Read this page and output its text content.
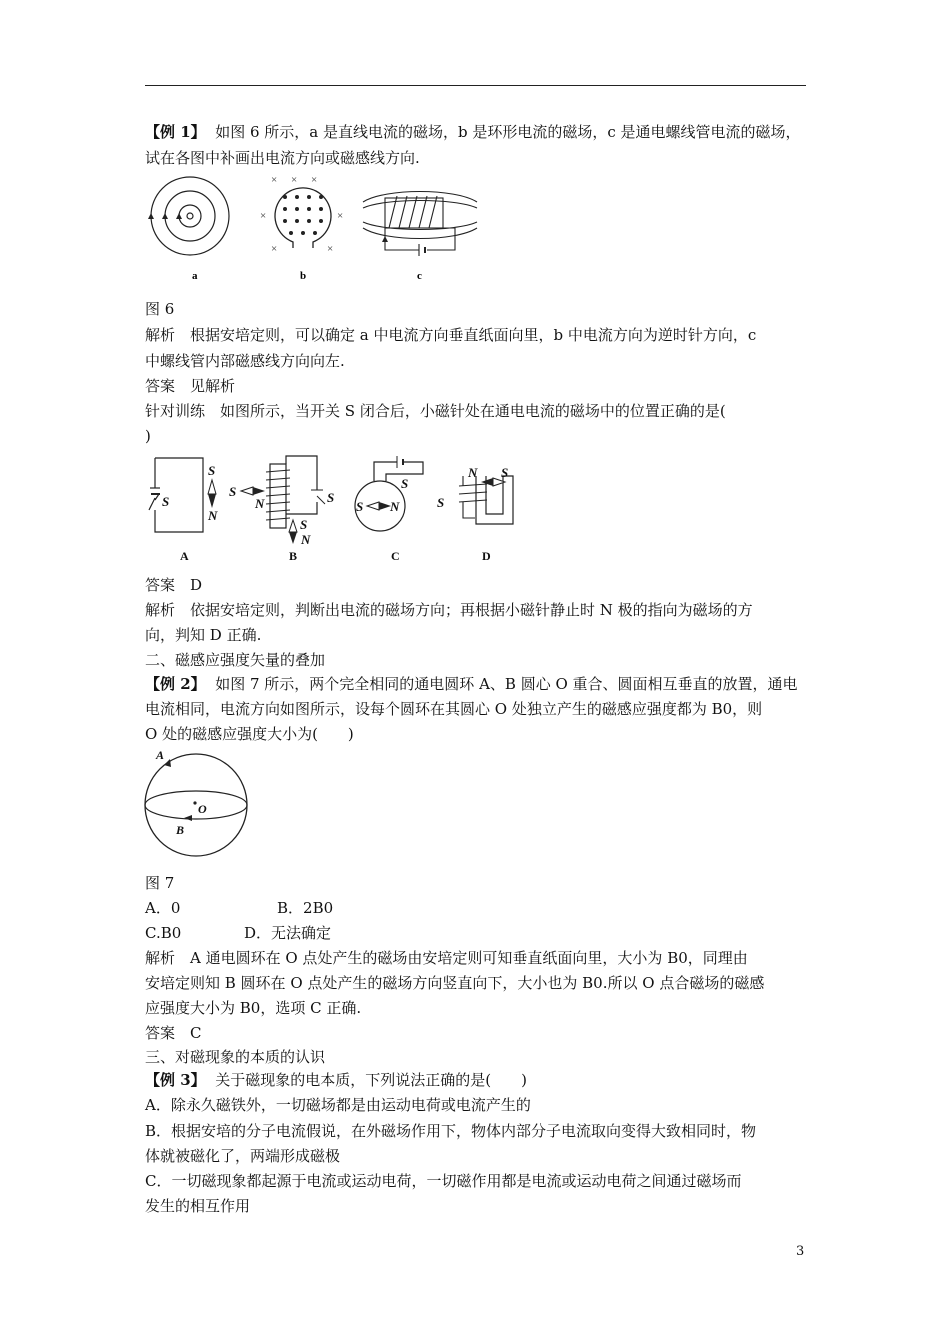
【例 1】 如图 6 所示，a 是直线电流的磁场，b 是环形电流的磁场，c 是通电螺线管电流的磁场，
试在各图中补画出电流方向或磁感线方向.
a
× × ×
×	×
×	×
b	c
图 6
解析　根据安培定则，可以确定 a 中电流方向垂直纸面向里，b 中电流方向为逆时针方向，c
中螺线管内部磁感线方向向左.
答案　见解析
针对训练　如图所示，当开关 S 闭合后，小磁针处在通电电流的磁场中的位置正确的是(
)
S
S
N
S
S
N
S
N
S
S N	S
N S
A	B	C	D
答案　D
解析　依据安培定则，判断出电流的磁场方向；再根据小磁针静止时 N 极的指向为磁场的方
向，判知 D 正确.
二、磁感应强度矢量的叠加
【例 2】 如图 7 所示，两个完全相同的通电圆环 A、B 圆心 O 重合、圆面相互垂直的放置，通电
电流相同，电流方向如图所示，设每个圆环在其圆心 O 处独立产生的磁感应强度都为 B0，则
O 处的磁感应强度大小为(　　)
A
B
O
图 7
A．0	B．2B0
C.B0	D．无法确定
解析　A 通电圆环在 O 点处产生的磁场由安培定则可知垂直纸面向里，大小为 B0，同理由
安培定则知 B 圆环在 O 点处产生的磁场方向竖直向下，大小也为 B0.所以 O 点合磁场的磁感
应强度大小为 B0，选项 C 正确.
答案　C
三、对磁现象的本质的认识
【例 3】 关于磁现象的电本质，下列说法正确的是(　　)
A．除永久磁铁外，一切磁场都是由运动电荷或电流产生的
B．根据安培的分子电流假说，在外磁场作用下，物体内部分子电流取向变得大致相同时，物
体就被磁化了，两端形成磁极
C．一切磁现象都起源于电流或运动电荷，一切磁作用都是电流或运动电荷之间通过磁场而
发生的相互作用
3
